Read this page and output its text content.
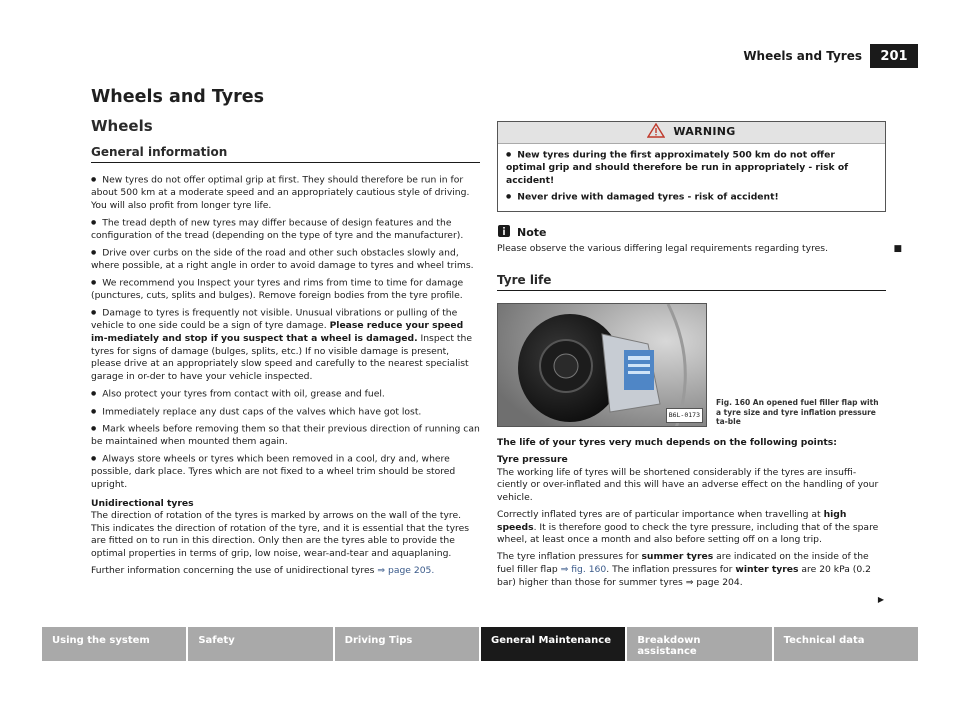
Wheels and Tyres	201
Wheels and Tyres
Wheels
General information

● New tyres do not offer optimal grip at first. They should therefore be run in for about 500 km at a moderate speed and an appropriately cautious style of driving. You will also profit from longer tyre life.

● The tread depth of new tyres may differ because of design features and the configuration of the tread (depending on the type of tyre and the manufacturer).

● Drive over curbs on the side of the road and other such obstacles slowly and, where possible, at a right angle in order to avoid damage to tyres and wheel trims.

● We recommend you Inspect your tyres and rims from time to time for damage (punctures, cuts, splits and bulges). Remove foreign bodies from the tyre profile.

● Damage to tyres is frequently not visible. Unusual vibrations or pulling of the vehicle to one side could be a sign of tyre damage. Please reduce your speed im-mediately and stop if you suspect that a wheel is damaged. Inspect the tyres for signs of damage (bulges, splits, etc.) If no visible damage is present, please drive at an appropriately slow speed and carefully to the nearest specialist garage in or-der to have your vehicle inspected.

● Also protect your tyres from contact with oil, grease and fuel.

● Immediately replace any dust caps of the valves which have got lost.

● Mark wheels before removing them so that their previous direction of running can be maintained when mounted them again.

● Always store wheels or tyres which been removed in a cool, dry and, where possible, dark place. Tyres which are not fixed to a wheel trim should be stored upright.

Unidirectional tyres

The direction of rotation of the tyres is marked by arrows on the wall of the tyre. This indicates the direction of rotation of the tyre, and it is essential that the tyres are fitted on to run in this direction. Only then are the tyres able to provide the optimal properties in terms of grip, low noise, wear-and-tear and aquaplaning.

Further information concerning the use of unidirectional tyres ⇒ page 205.

WARNING

● New tyres during the first approximately 500 km do not offer optimal grip and should therefore be run in appropriately - risk of accident!

● Never drive with damaged tyres - risk of accident!

Note

Please observe the various differing legal requirements regarding tyres.	■

Tyre life
B6L-0173
Fig. 160 An opened fuel filler flap with a tyre size and tyre inflation pressure ta-ble

The life of your tyres very much depends on the following points:

Tyre pressure

The working life of tyres will be shortened considerably if the tyres are insuffi-ciently or over-inflated and this will have an adverse effect on the handling of your vehicle.

Correctly inflated tyres are of particular importance when travelling at high speeds. It is therefore good to check the tyre pressure, including that of the spare wheel, at least once a month and also before setting off on a long trip.

The tyre inflation pressures for summer tyres are indicated on the inside of the fuel filler flap ⇒ fig. 160. The inflation pressures for winter tyres are 20 kPa (0.2 bar) higher than those for summer tyres ⇒ page 204.

▶
Using the system	Safety	Driving Tips	General Maintenance	Breakdown assistance
Technical data
